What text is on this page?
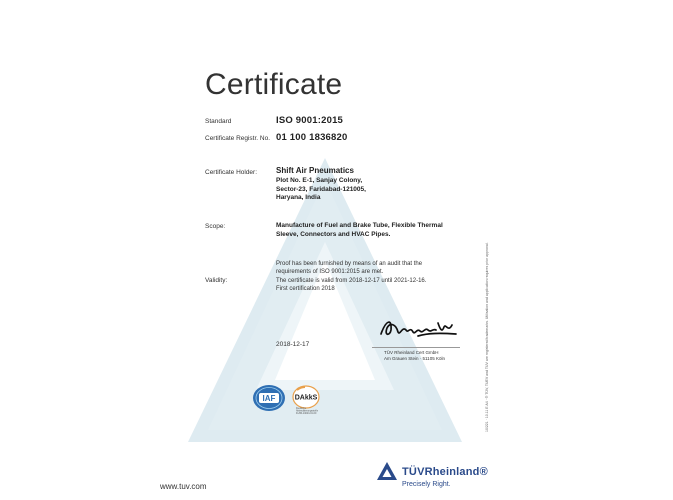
Certificate
Standard	ISO 9001:2015
Certificate Registr. No. 01 100 1836820
Certificate Holder: Shift Air Pneumatics
Plot No. E-1, Sanjay Colony,
Sector-23, Faridabad-121005,
Haryana, India
Scope:	Manufacture of Fuel and Brake Tube, Flexible Thermal
Sleeve, Connectors and HVAC Pipes.
Proof has been furnished by means of an audit that the
requirements of ISO 9001:2015 are met.
Validity:	The certificate is valid from 2018-12-17 until 2021-12-16.
First certification 2018
2018-12-17
TÜV Rheinland Cert GmbH
Am Grauen Stein · 51105 Köln
IAF	DAkkS
Deutsche
Akkreditierungsstelle
D-ZM-14024-01-00	10/221 · 10.11 E A4 · ® TÜV, TUEV and TUV are registered trademarks. Utilisation and application requires prior approval.
www.tuv.com
TÜVRheinland®
Precisely Right.
